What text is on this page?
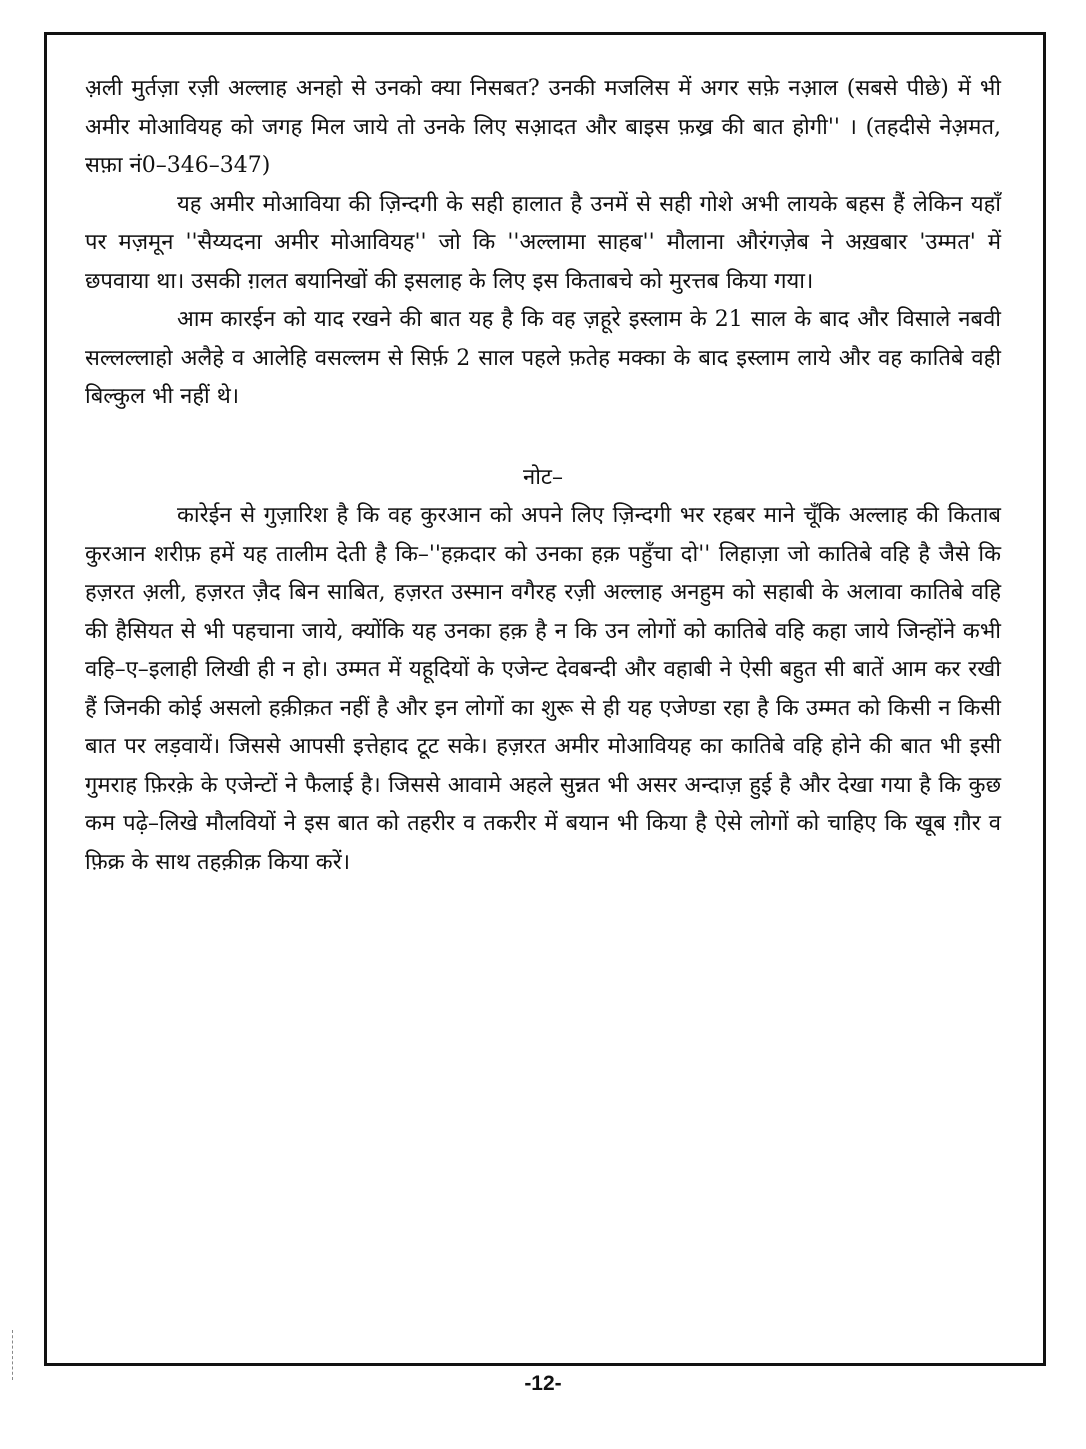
अ़ली मुर्तज़ा रज़ी अल्लाह अनहो से उनको क्या निसबत? उनकी मजलिस में अगर सफ़े नआ़ल (सबसे पीछे) में भी अमीर मोआवियह को जगह मिल जाये तो उनके लिए सआ़दत और बाइस फ़ख्र की बात होगी'' । (तहदीसे नेअ़मत, सफ़ा नं0–346–347)

यह अमीर मोआविया की ज़िन्दगी के सही हालात है उनमें से सही गोशे अभी लायके बहस हैं लेकिन यहाँ पर मज़मून ''सैय्यदना अमीर मोआवियह'' जो कि ''अल्लामा साहब'' मौलाना औरंगज़ेब ने अख़बार 'उम्मत' में छपवाया था। उसकी ग़लत बयानिखों की इसलाह के लिए इस किताबचे को मुरत्तब किया गया।

आम कारईन को याद रखने की बात यह है कि वह ज़हूरे इस्लाम के 21 साल के बाद और विसाले नबवी सल्लल्लाहो अलैहे व आलेहि वसल्लम से सिर्फ़ 2 साल पहले फ़तेह मक्का के बाद इस्लाम लाये और वह कातिबे वही बिल्कुल भी नहीं थे।

नोट–

कारेईन से गुज़ारिश है कि वह कुरआन को अपने लिए ज़िन्दगी भर रहबर माने चूँकि अल्लाह की किताब कुरआन शरीफ़ हमें यह तालीम देती है कि–''हक़दार को उनका हक़ पहुँचा दो'' लिहाज़ा जो कातिबे वहि है जैसे कि हज़रत अ़ली, हज़रत ज़ैद बिन साबित, हज़रत उस्मान वगैरह रज़ी अल्लाह अनहुम को सहाबी के अलावा कातिबे वहि की हैसियत से भी पहचाना जाये, क्योंकि यह उनका हक़ है न कि उन लोगों को कातिबे वहि कहा जाये जिन्होंने कभी वहि–ए–इलाही लिखी ही न हो। उम्मत में यहूदियों के एजेन्ट देवबन्दी और वहाबी ने ऐसी बहुत सी बातें आम कर रखी हैं जिनकी कोई असलो हक़ीक़त नहीं है और इन लोगों का शुरू से ही यह एजेण्डा रहा है कि उम्मत को किसी न किसी बात पर लड़वायें। जिससे आपसी इत्तेहाद टूट सके। हज़रत अमीर मोआवियह का कातिबे वहि होने की बात भी इसी गुमराह फ़िरक़े के एजेन्टों ने फैलाई है। जिससे आवामे अहले सुन्नत भी असर अन्दाज़ हुई है और देखा गया है कि कुछ कम पढ़े–लिखे मौलवियों ने इस बात को तहरीर व तकरीर में बयान भी किया है ऐसे लोगों को चाहिए कि खूब ग़ौर व फ़िक्र के साथ तहक़ीक़ किया करें।

-12-
